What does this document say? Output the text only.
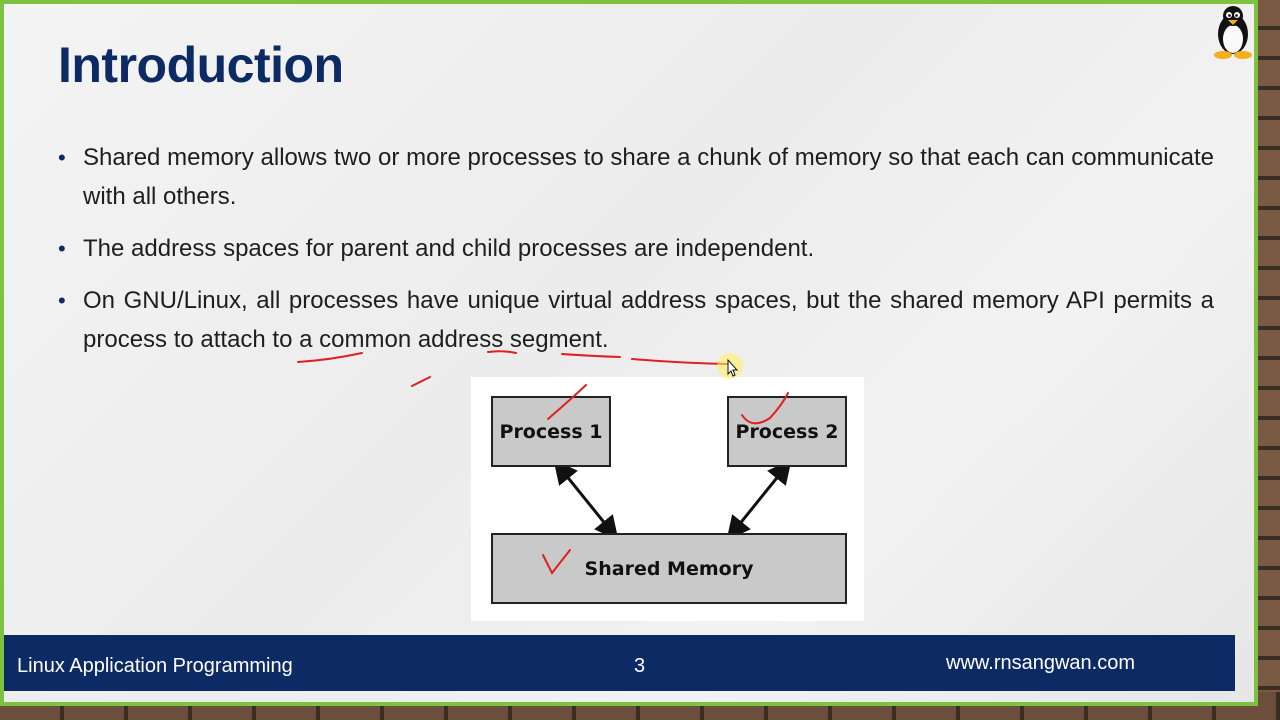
Introduction
• Shared memory allows two or more processes to share a chunk of memory so that each can communicate with all others.
• The address spaces for parent and child processes are independent.
• On GNU/Linux, all processes have unique virtual address spaces, but the shared memory API permits a process to attach to a common address segment.
Process 1	Process 2
Shared Memory
Linux Application Programming	3	www.rnsangwan.com
